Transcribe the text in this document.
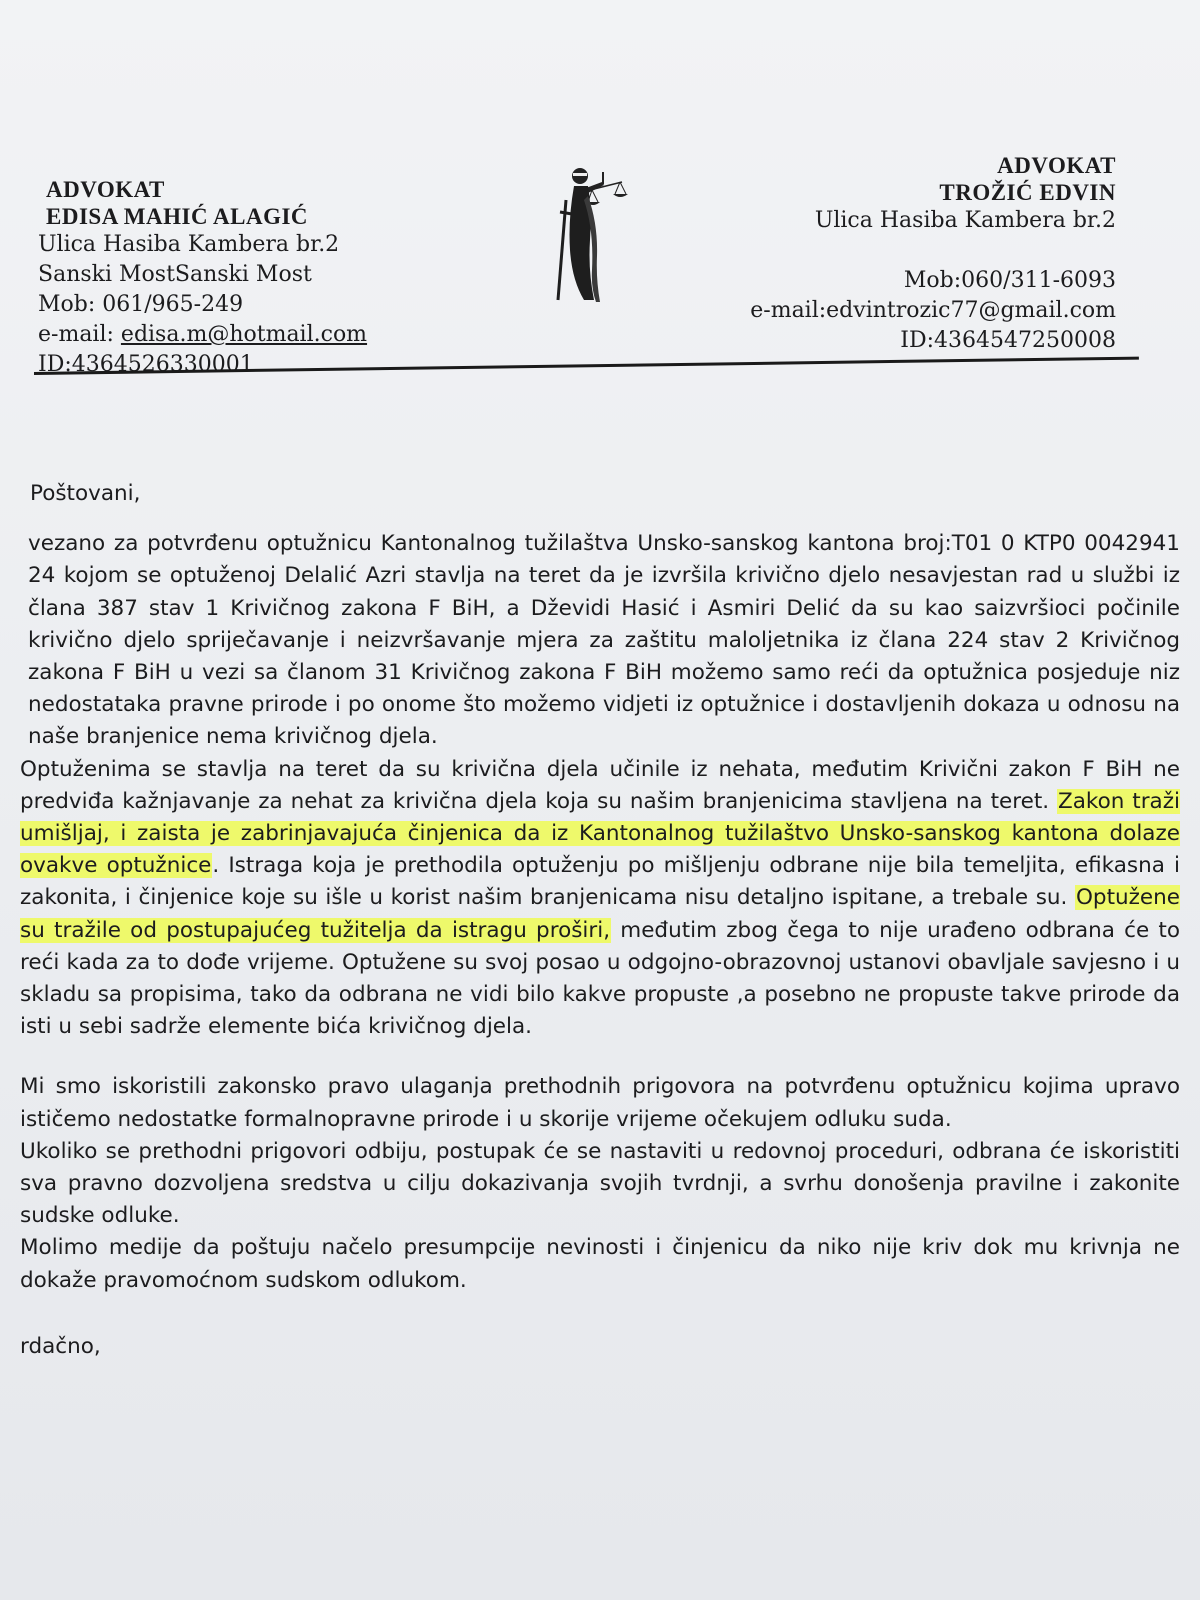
ADVOKAT
EDISA MAHIĆ ALAGIĆ
Ulica Hasiba Kambera br.2
Sanski MostSanski Most
Mob: 061/965-249
e-mail: edisa.m@hotmail.com
ID:4364526330001
ADVOKAT
TROŽIĆ EDVIN
Ulica Hasiba Kambera br.2
Mob:060/311-6093
e-mail:edvintrozic77@gmail.com
ID:4364547250008
Poštovani,
vezano za potvrđenu optužnicu Kantonalnog tužilaštva Unsko-sanskog kantona broj:T01 0 KTP0 0042941 24 kojom se optuženoj Delalić Azri stavlja na teret da je izvršila krivično djelo nesavjestan rad u službi iz člana 387 stav 1 Krivičnog zakona F BiH, a Dževidi Hasić i Asmiri Delić da su kao saizvršioci počinile krivično djelo spriječavanje i neizvršavanje mjera za zaštitu maloljetnika iz člana 224 stav 2 Krivičnog zakona F BiH u vezi sa članom 31 Krivičnog zakona F BiH možemo samo reći da optužnica posjeduje niz nedostataka pravne prirode i po onome što možemo vidjeti iz optužnice i dostavljenih dokaza u odnosu na naše branjenice nema krivičnog djela.
Optuženima se stavlja na teret da su krivična djela učinile iz nehata, međutim Krivični zakon F BiH ne predviđa kažnjavanje za nehat za krivična djela koja su našim branjenicima stavljena na teret. Zakon traži umišljaj, i zaista je zabrinjavajuća činjenica da iz Kantonalnog tužilaštvo Unsko-sanskog kantona dolaze ovakve optužnice. Istraga koja je prethodila optuženju po mišljenju odbrane nije bila temeljita, efikasna i zakonita, i činjenice koje su išle u korist našim branjenicama nisu detaljno ispitane, a trebale su. Optužene su tražile od postupajućeg tužitelja da istragu proširi, međutim zbog čega to nije urađeno odbrana će to reći kada za to dođe vrijeme. Optužene su svoj posao u odgojno-obrazovnoj ustanovi obavljale savjesno i u skladu sa propisima, tako da odbrana ne vidi bilo kakve propuste ,a posebno ne propuste takve prirode da isti u sebi sadrže elemente bića krivičnog djela.
Mi smo iskoristili zakonsko pravo ulaganja prethodnih prigovora na potvrđenu optužnicu kojima upravo ističemo nedostatke formalnopravne prirode i u skorije vrijeme očekujem odluku suda.
Ukoliko se prethodni prigovori odbiju, postupak će se nastaviti u redovnoj proceduri, odbrana će iskoristiti sva pravno dozvoljena sredstva u cilju dokazivanja svojih tvrdnji, a svrhu donošenja pravilne i zakonite sudske odluke.
Molimo medije da poštuju načelo presumpcije nevinosti i činjenicu da niko nije kriv dok mu krivnja ne dokaže pravomoćnom sudskom odlukom.
rdačno,
